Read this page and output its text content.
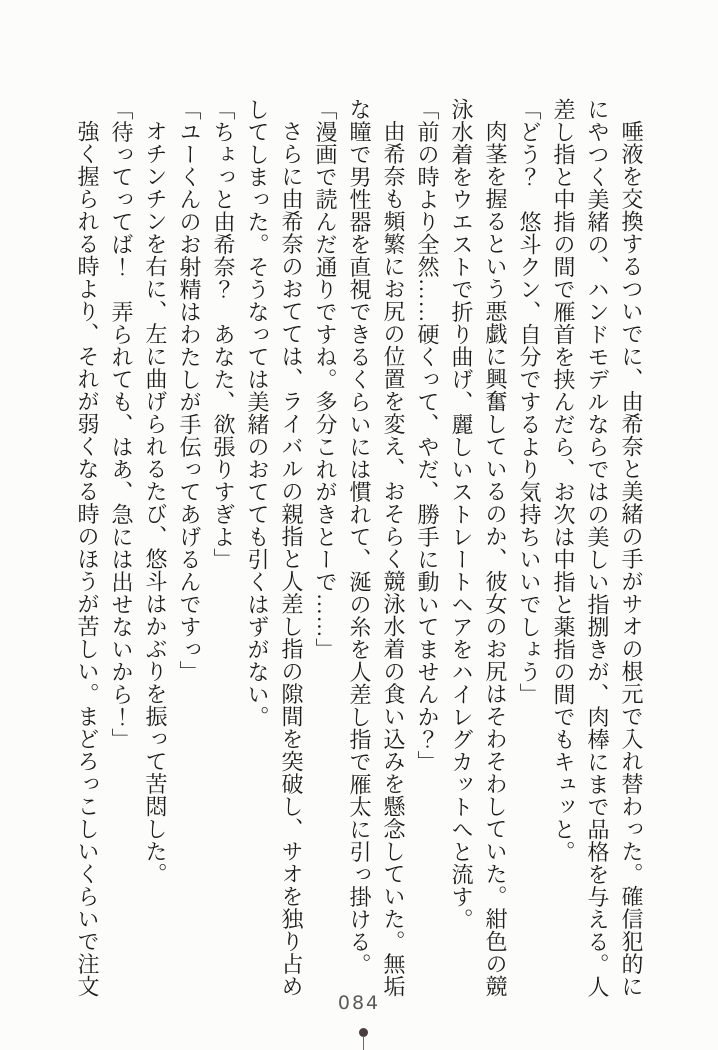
唾液を交換するついでに、由希奈と美緒の手がサオの根元で入れ替わった。確信犯的に

にやつく美緒の、ハンドモデルならではの美しい指捌きが、肉棒にまで品格を与える。人

差し指と中指の間で雁首を挟んだら、お次は中指と薬指の間でもキュッと。

「どう？　悠斗クン、自分でするより気持ちいいでしょう」

肉茎を握るという悪戯に興奮しているのか、彼女のお尻はそわそわしていた。紺色の競

泳水着をウエストで折り曲げ、麗しいストレートヘアをハイレグカットへと流す。

「前の時より全然……硬くって、やだ、勝手に動いてませんか？」

由希奈も頻繁にお尻の位置を変え、おそらく競泳水着の食い込みを懸念していた。無垢

な瞳で男性器を直視できるくらいには慣れて、涎の糸を人差し指で雁太に引っ掛ける。

「漫画で読んだ通りですね。多分これがきとーで……」

さらに由希奈のおてては、ライバルの親指と人差し指の隙間を突破し、サオを独り占め

してしまった。そうなっては美緒のおてても引くはずがない。

「ちょっと由希奈？　あなた、欲張りすぎよ」

「ユーくんのお射精はわたしが手伝ってあげるんですっ」

オチンチンを右に、左に曲げられるたび、悠斗はかぶりを振って苦悶した。

「待ってってば！　弄られても、はあ、急には出せないから！」

強く握られる時より、それが弱くなる時のほうが苦しい。まどろっこしいくらいで注文

084
